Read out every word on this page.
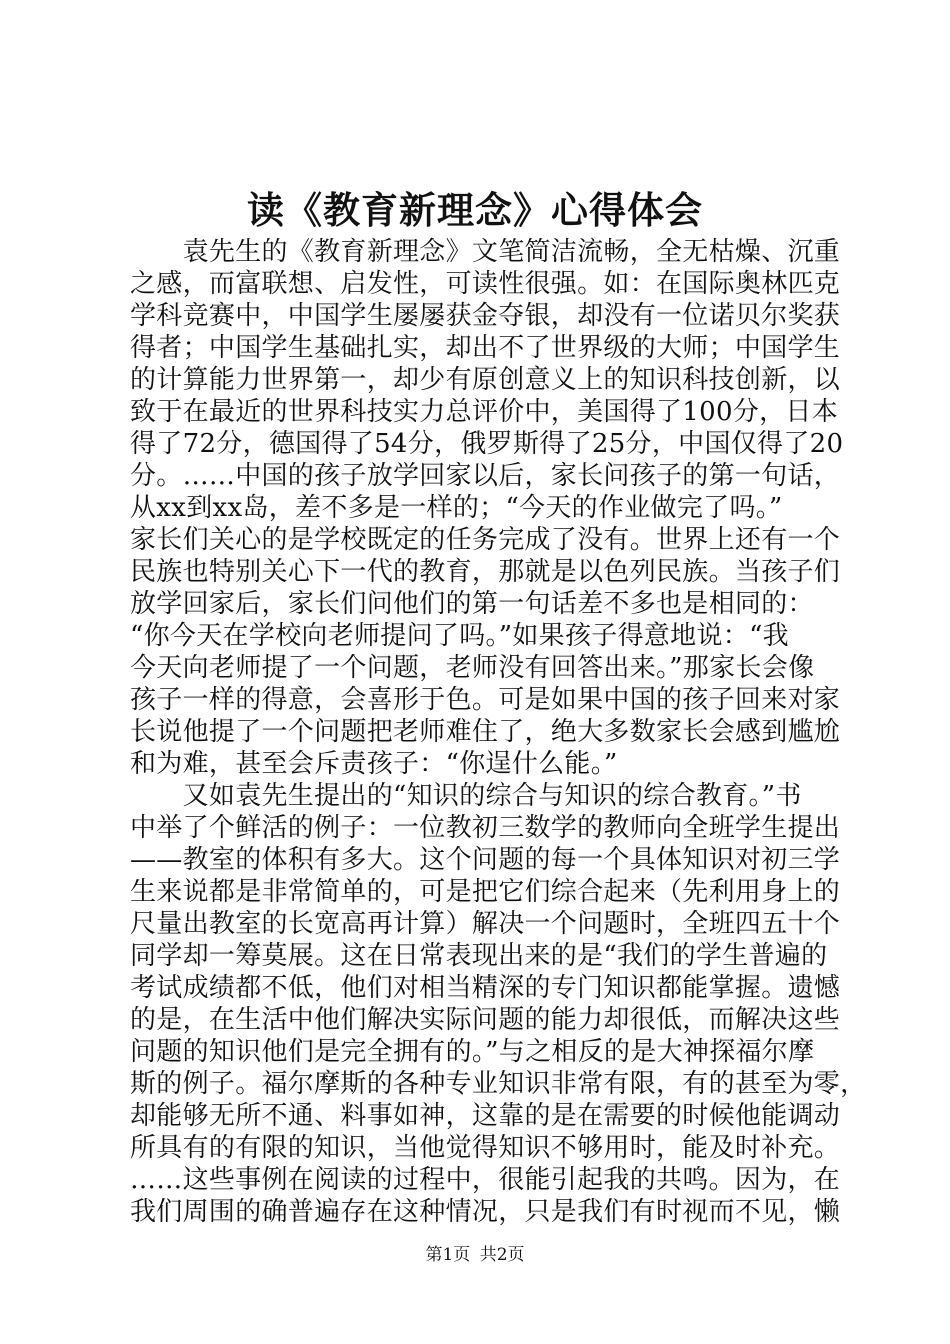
读《教育新理念》心得体会
　　袁先生的《教育新理念》文笔简洁流畅，全无枯燥、沉重
之感，而富联想、启发性，可读性很强。如：在国际奥林匹克
学科竞赛中，中国学生屡屡获金夺银，却没有一位诺贝尔奖获
得者；中国学生基础扎实，却出不了世界级的大师；中国学生
的计算能力世界第一，却少有原创意义上的知识科技创新，以
致于在最近的世界科技实力总评价中，美国得了100分，日本
得了72分，德国得了54分，俄罗斯得了25分，中国仅得了20
分。……中国的孩子放学回家以后，家长问孩子的第一句话，
从xx到xx岛，差不多是一样的；“今天的作业做完了吗。”
家长们关心的是学校既定的任务完成了没有。世界上还有一个
民族也特别关心下一代的教育，那就是以色列民族。当孩子们
放学回家后，家长们问他们的第一句话差不多也是相同的：
“你今天在学校向老师提问了吗。”如果孩子得意地说：“我
今天向老师提了一个问题，老师没有回答出来。”那家长会像
孩子一样的得意，会喜形于色。可是如果中国的孩子回来对家
长说他提了一个问题把老师难住了，绝大多数家长会感到尴尬
和为难，甚至会斥责孩子：“你逞什么能。”
　　又如袁先生提出的“知识的综合与知识的综合教育。”书
中举了个鲜活的例子：一位教初三数学的教师向全班学生提出
——教室的体积有多大。这个问题的每一个具体知识对初三学
生来说都是非常简单的，可是把它们综合起来（先利用身上的
尺量出教室的长宽高再计算）解决一个问题时，全班四五十个
同学却一筹莫展。这在日常表现出来的是“我们的学生普遍的
考试成绩都不低，他们对相当精深的专门知识都能掌握。遗憾
的是，在生活中他们解决实际问题的能力却很低，而解决这些
问题的知识他们是完全拥有的。”与之相反的是大神探福尔摩
斯的例子。福尔摩斯的各种专业知识非常有限，有的甚至为零，
却能够无所不通、料事如神，这靠的是在需要的时候他能调动
所具有的有限的知识，当他觉得知识不够用时，能及时补充。
……这些事例在阅读的过程中，很能引起我的共鸣。因为，在
我们周围的确普遍存在这种情况，只是我们有时视而不见，懒
第1页 共2页
